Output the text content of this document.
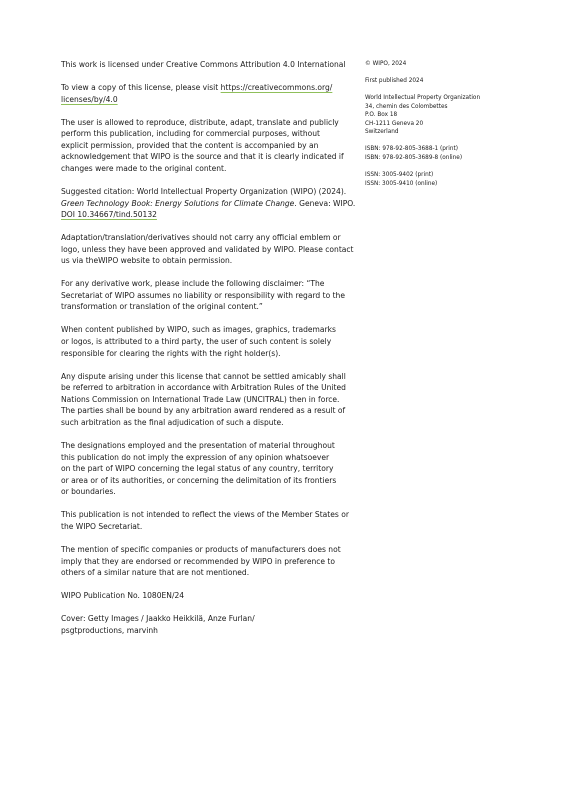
This work is licensed under Creative Commons Attribution 4.0 International

To view a copy of this license, please visit https://creativecommons.org/
licenses/by/4.0

The user is allowed to reproduce, distribute, adapt, translate and publicly
perform this publication, including for commercial purposes, without
explicit permission, provided that the content is accompanied by an
acknowledgement that WIPO is the source and that it is clearly indicated if
changes were made to the original content.

Suggested citation: World Intellectual Property Organization (WIPO) (2024).
Green Technology Book: Energy Solutions for Climate Change. Geneva: WIPO.
DOI 10.34667/tind.50132

Adaptation/translation/derivatives should not carry any official emblem or
logo, unless they have been approved and validated by WIPO. Please contact
us via theWIPO website to obtain permission.

For any derivative work, please include the following disclaimer: “The
Secretariat of WIPO assumes no liability or responsibility with regard to the
transformation or translation of the original content.”

When content published by WIPO, such as images, graphics, trademarks
or logos, is attributed to a third party, the user of such content is solely
responsible for clearing the rights with the right holder(s).

Any dispute arising under this license that cannot be settled amicably shall
be referred to arbitration in accordance with Arbitration Rules of the United
Nations Commission on International Trade Law (UNCITRAL) then in force.
The parties shall be bound by any arbitration award rendered as a result of
such arbitration as the final adjudication of such a dispute.

The designations employed and the presentation of material throughout
this publication do not imply the expression of any opinion whatsoever
on the part of WIPO concerning the legal status of any country, territory
or area or of its authorities, or concerning the delimitation of its frontiers
or boundaries.

This publication is not intended to reflect the views of the Member States or
the WIPO Secretariat.

The mention of specific companies or products of manufacturers does not
imply that they are endorsed or recommended by WIPO in preference to
others of a similar nature that are not mentioned.

WIPO Publication No. 1080EN/24

Cover: Getty Images / Jaakko Heikkilä, Anze Furlan/
psgtproductions, marvinh

© WIPO, 2024

First published 2024

World Intellectual Property Organization
34, chemin des Colombettes
P.O. Box 18
CH-1211 Geneva 20
Switzerland

ISBN: 978-92-805-3688-1 (print)
ISBN: 978-92-805-3689-8 (online)

ISSN: 3005-9402 (print)
ISSN: 3005-9410 (online)
